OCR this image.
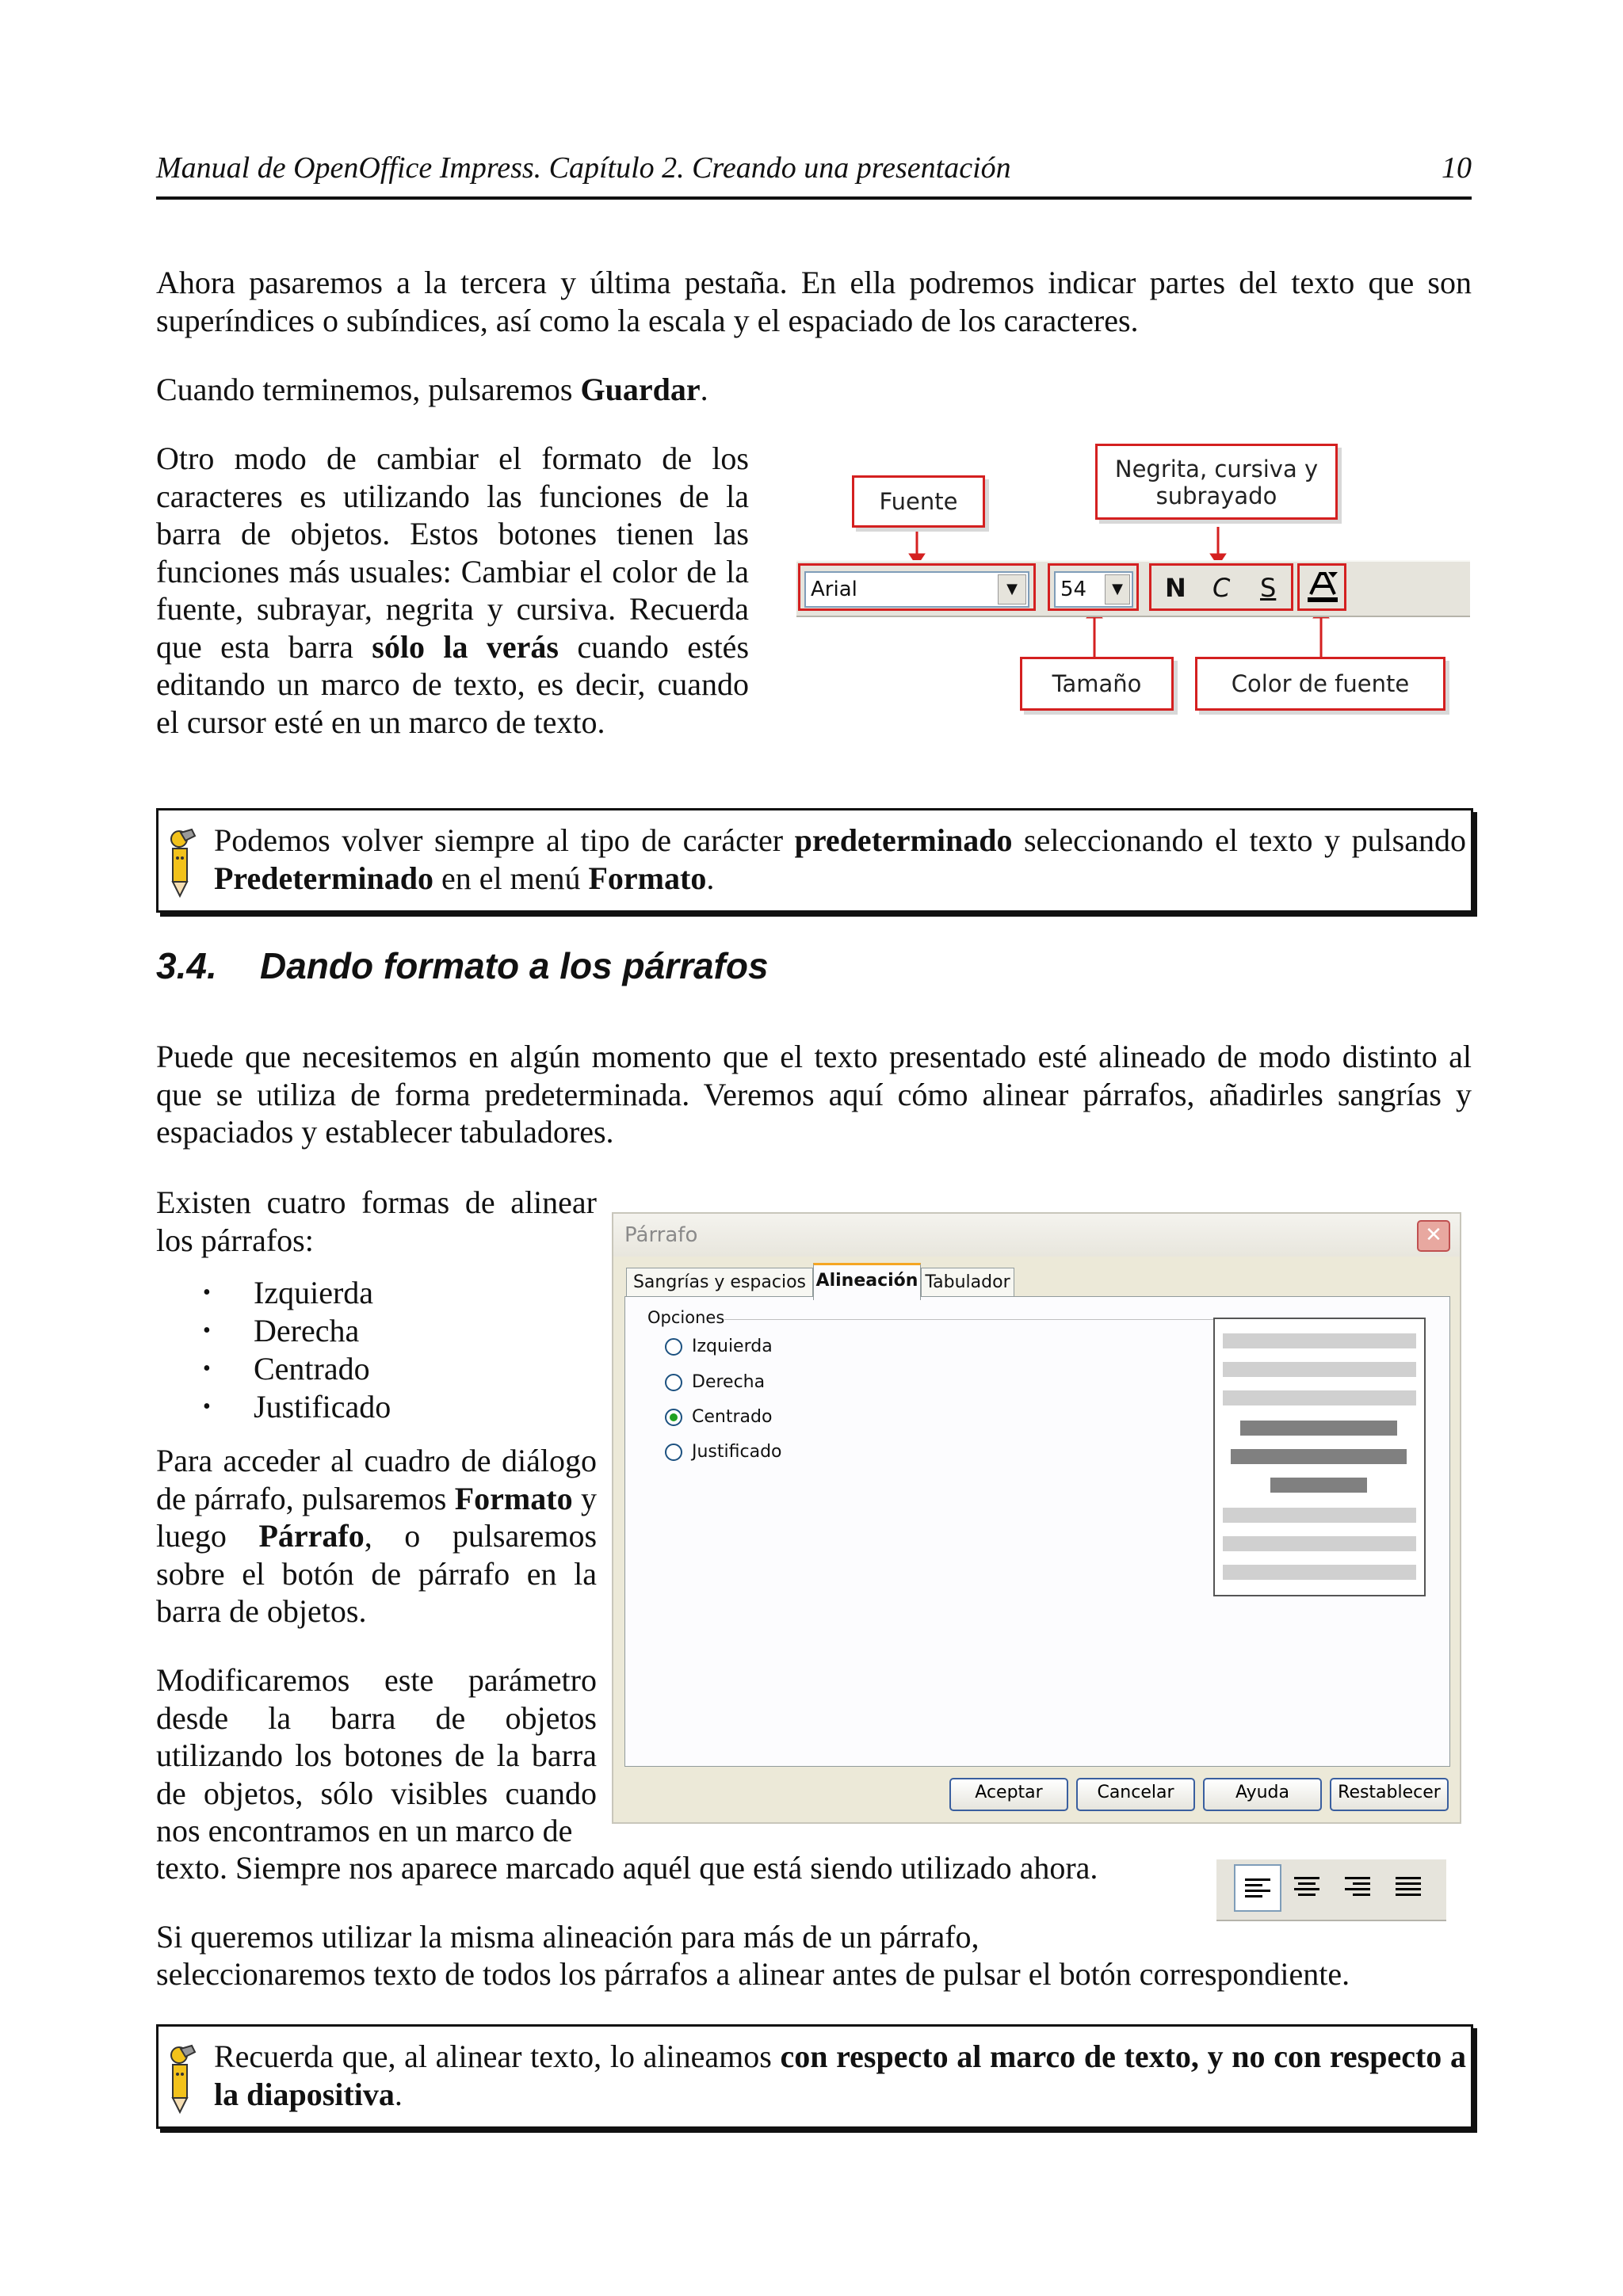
Manual de OpenOffice Impress. Capítulo 2. Creando una presentación	10
Ahora pasaremos a la tercera y última pestaña. En ella podremos indicar partes del texto que son superíndices o subíndices, así como la escala y el espaciado de los caracteres.
Cuando terminemos, pulsaremos Guardar.
Otro modo de cambiar el formato de los caracteres es utilizando las funciones de la barra de objetos. Estos botones tienen las funciones más usuales: Cambiar el color de la fuente, subrayar, negrita y cursiva. Recuerda que esta barra sólo la verás cuando estés editando un marco de texto, es decir, cuando el cursor esté en un marco de texto.
Fuente
Negrita, cursiva y subrayado
Arial	▼	54	▼ N C S
Tamaño	Color de fuente
Podemos volver siempre al tipo de carácter predeterminado seleccionando el texto y pulsando Predeterminado en el menú Formato.
3.4. Dando formato a los párrafos
Puede que necesitemos en algún momento que el texto presentado esté alineado de modo distinto al que se utiliza de forma predeterminada. Veremos aquí cómo alinear párrafos, añadirles sangrías y espaciados y establecer tabuladores.
Existen cuatro formas de alinear los párrafos:
• Izquierda
• Derecha
• Centrado
• Justificado
Para acceder al cuadro de diálogo de párrafo, pulsaremos Formato y luego Párrafo, o pulsaremos sobre el botón de párrafo en la barra de objetos.
Modificaremos este parámetro desde la barra de objetos utilizando los botones de la barra de objetos, sólo visibles cuando nos encontramos en un marco de
texto. Siempre nos aparece marcado aquél que está siendo utilizado ahora.
Párrafo	✕
Sangrías y espacios Alineación Tabulador
Opciones
Izquierda
Derecha
Centrado
Justificado
Aceptar	Cancelar	Ayuda	Restablecer
Si queremos utilizar la misma alineación para más de un párrafo,
seleccionaremos texto de todos los párrafos a alinear antes de pulsar el botón correspondiente.
Recuerda que, al alinear texto, lo alineamos con respecto al marco de texto, y no con respecto a la diapositiva.
